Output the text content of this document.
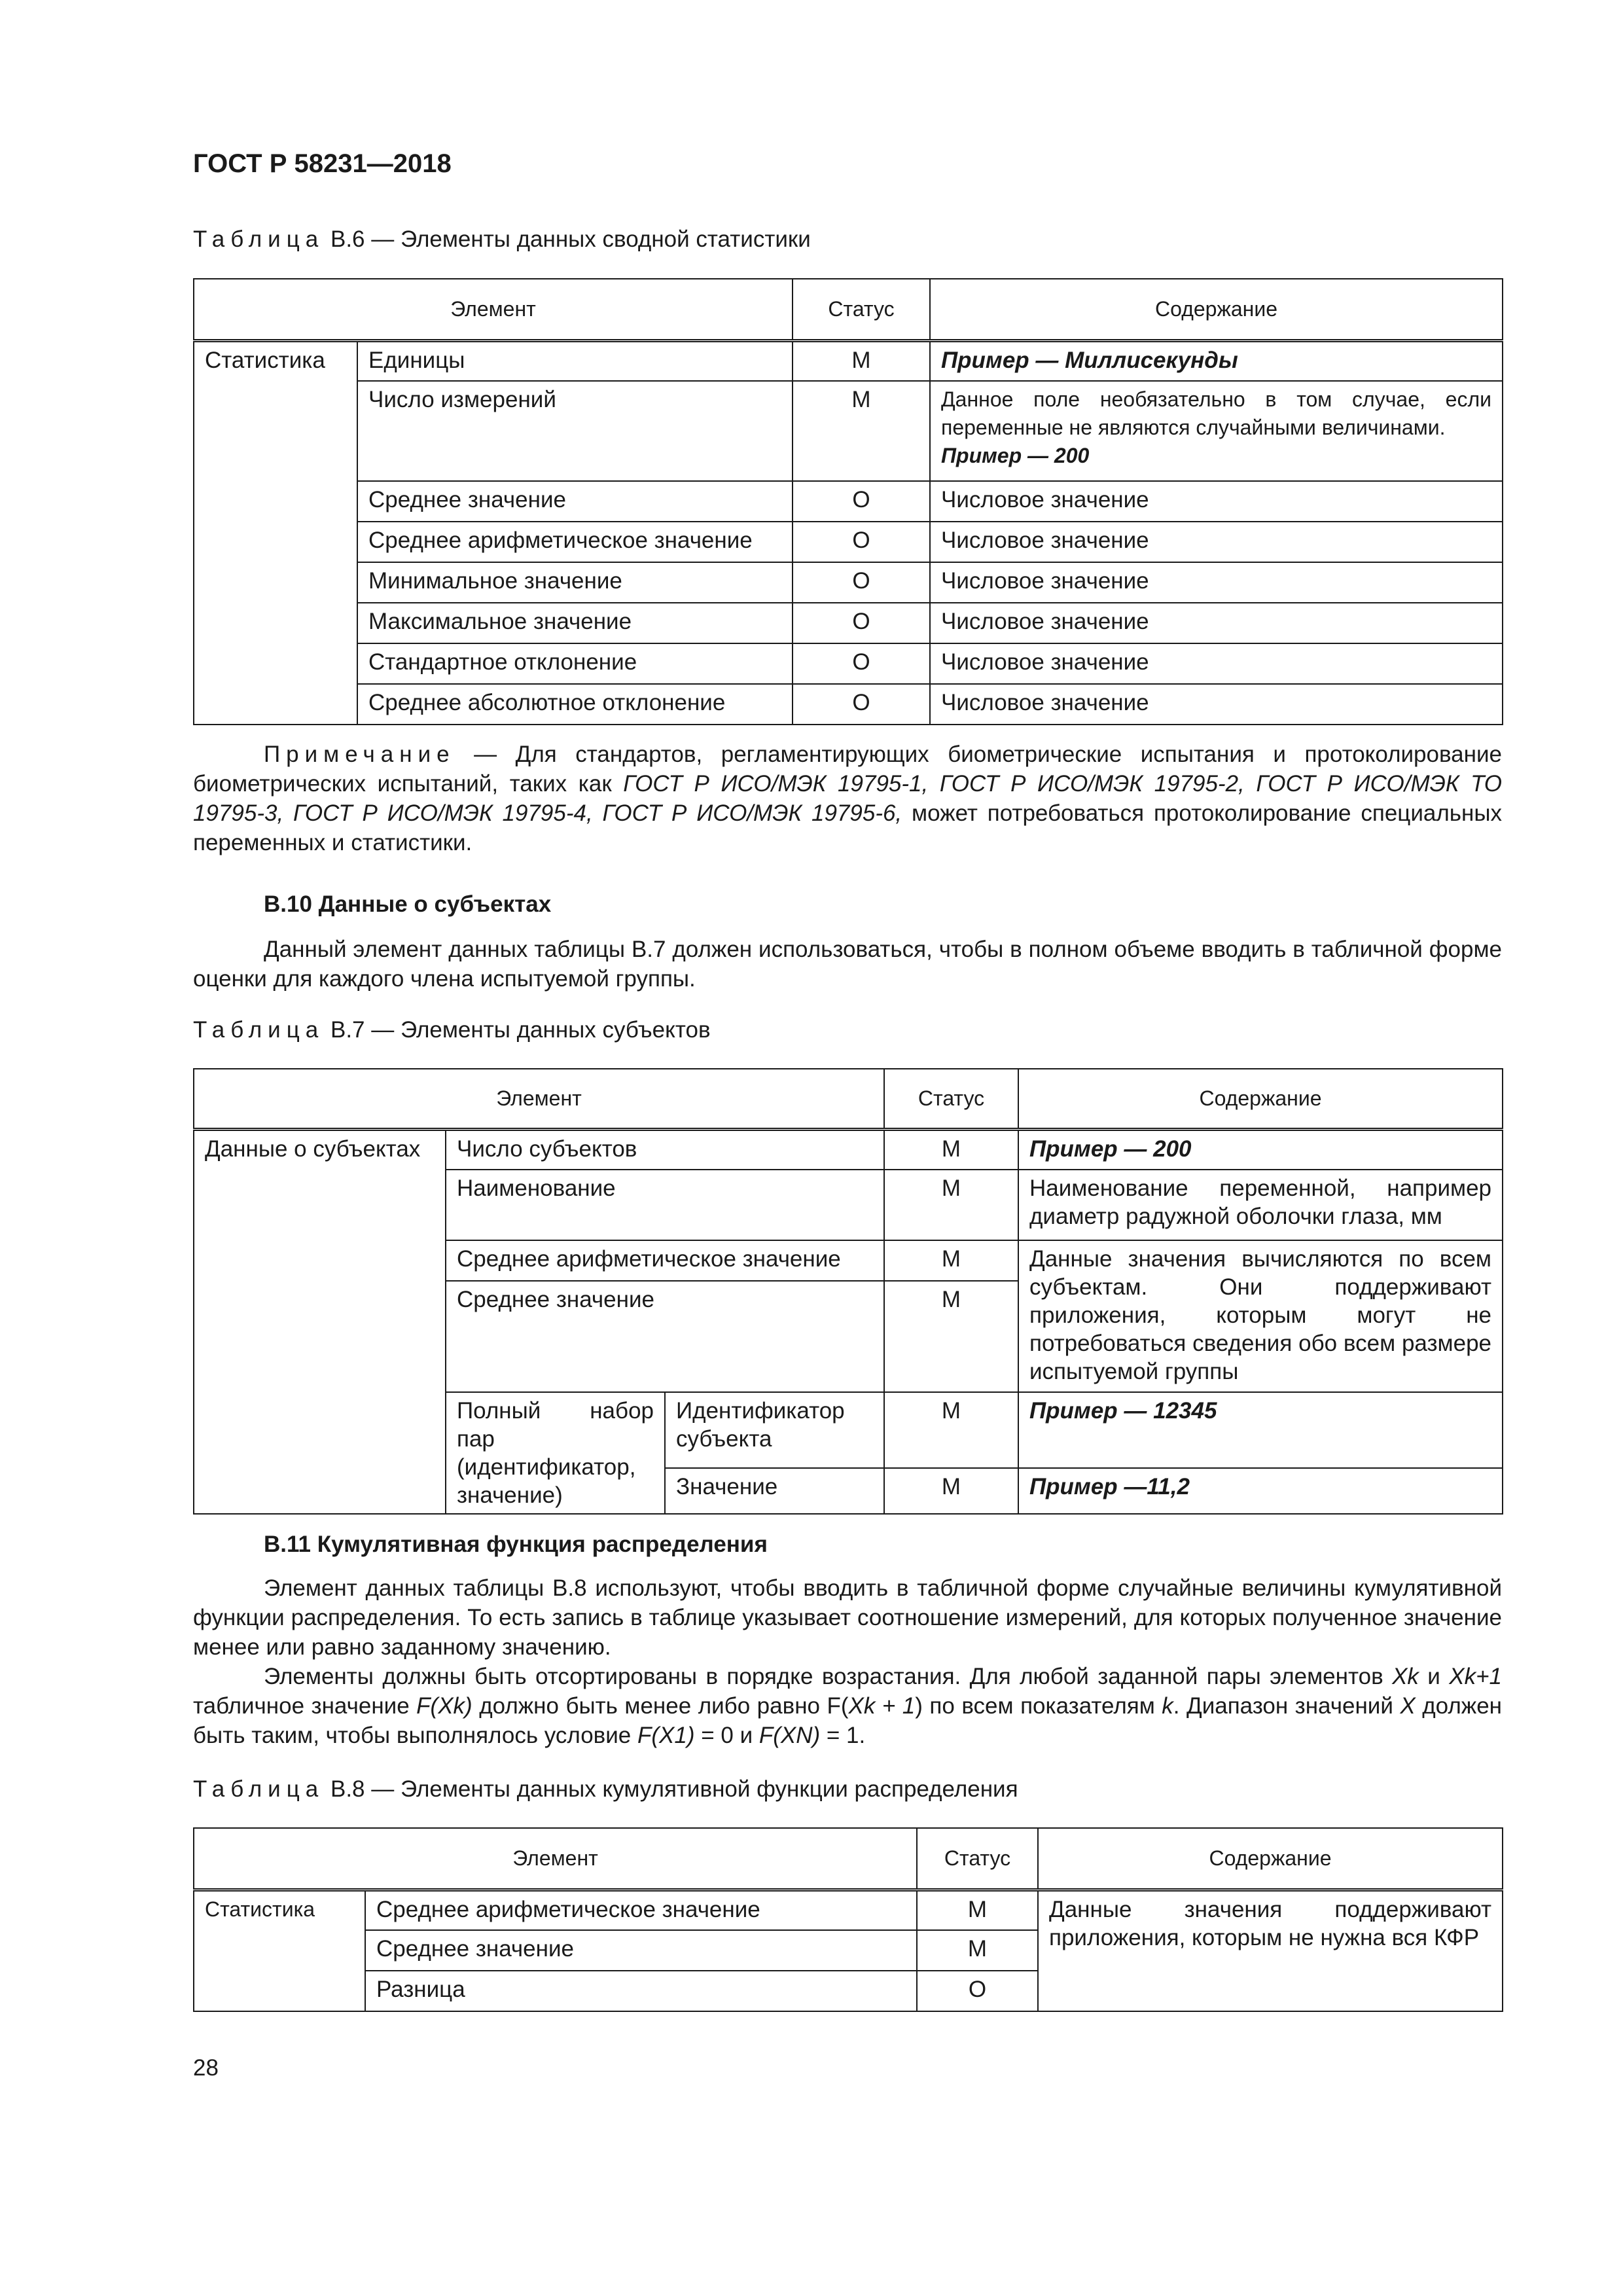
ГОСТ Р 58231—2018
Таблица В.6 — Элементы данных сводной статистики
Элемент		Статус	Содержание
Статистика	Единицы	M	Пример — Миллисекунды
	Число измерений	M	Данное поле необязательно в том случае, если переменные не являются случайными величинами.
Пример — 200
	Среднее значение	O	Числовое значение
	Среднее арифметическое значение	O	Числовое значение
	Минимальное значение	O	Числовое значение
	Максимальное значение	O	Числовое значение
	Стандартное отклонение	O	Числовое значение
	Среднее абсолютное отклонение	O	Числовое значение
Примечание — Для стандартов, регламентирующих биометрические испытания и протоколирование биометрических испытаний, таких как ГОСТ Р ИСО/МЭК 19795-1, ГОСТ Р ИСО/МЭК 19795-2, ГОСТ Р ИСО/МЭК ТО 19795-3, ГОСТ Р ИСО/МЭК 19795-4, ГОСТ Р ИСО/МЭК 19795-6, может потребоваться протоколирование специальных переменных и статистики.
В.10 Данные о субъектах
Данный элемент данных таблицы В.7 должен использоваться, чтобы в полном объеме вводить в табличной форме оценки для каждого члена испытуемой группы.
Таблица В.7 — Элементы данных субъектов
Элемент			Статус	Содержание
Данные о субъектах	Число субъектов		M	Пример — 200
	Наименование		M	Наименование переменной, например диаметр радужной оболочки глаза, мм
	Среднее арифметическое значение		M	Данные значения вычисляются по всем субъектам. Они поддерживают приложения, которым могут не потребоваться сведения обо всем размере испытуемой группы
	Среднее значение		M	
	Полный набор пар (идентификатор, значение)	Идентификатор субъекта	M	Пример — 12345
		Значение	M	Пример —11,2
В.11 Кумулятивная функция распределения
Элемент данных таблицы В.8 используют, чтобы вводить в табличной форме случайные величины кумулятивной функции распределения. То есть запись в таблице указывает соотношение измерений, для которых полученное значение менее или равно заданному значению.
Элементы должны быть отсортированы в порядке возрастания. Для любой заданной пары элементов Xk и Xk+1 табличное значение F(Xk) должно быть менее либо равно F(Xk + 1) по всем показателям k. Диапазон значений X должен быть таким, чтобы выполнялось условие F(X1) = 0 и F(XN) = 1.
Таблица В.8 — Элементы данных кумулятивной функции распределения
Элемент		Статус	Содержание
Статистика	Среднее арифметическое значение	M	Данные значения поддерживают приложения, которым не нужна вся КФР
	Среднее значение	M	
	Разница	O	
28
